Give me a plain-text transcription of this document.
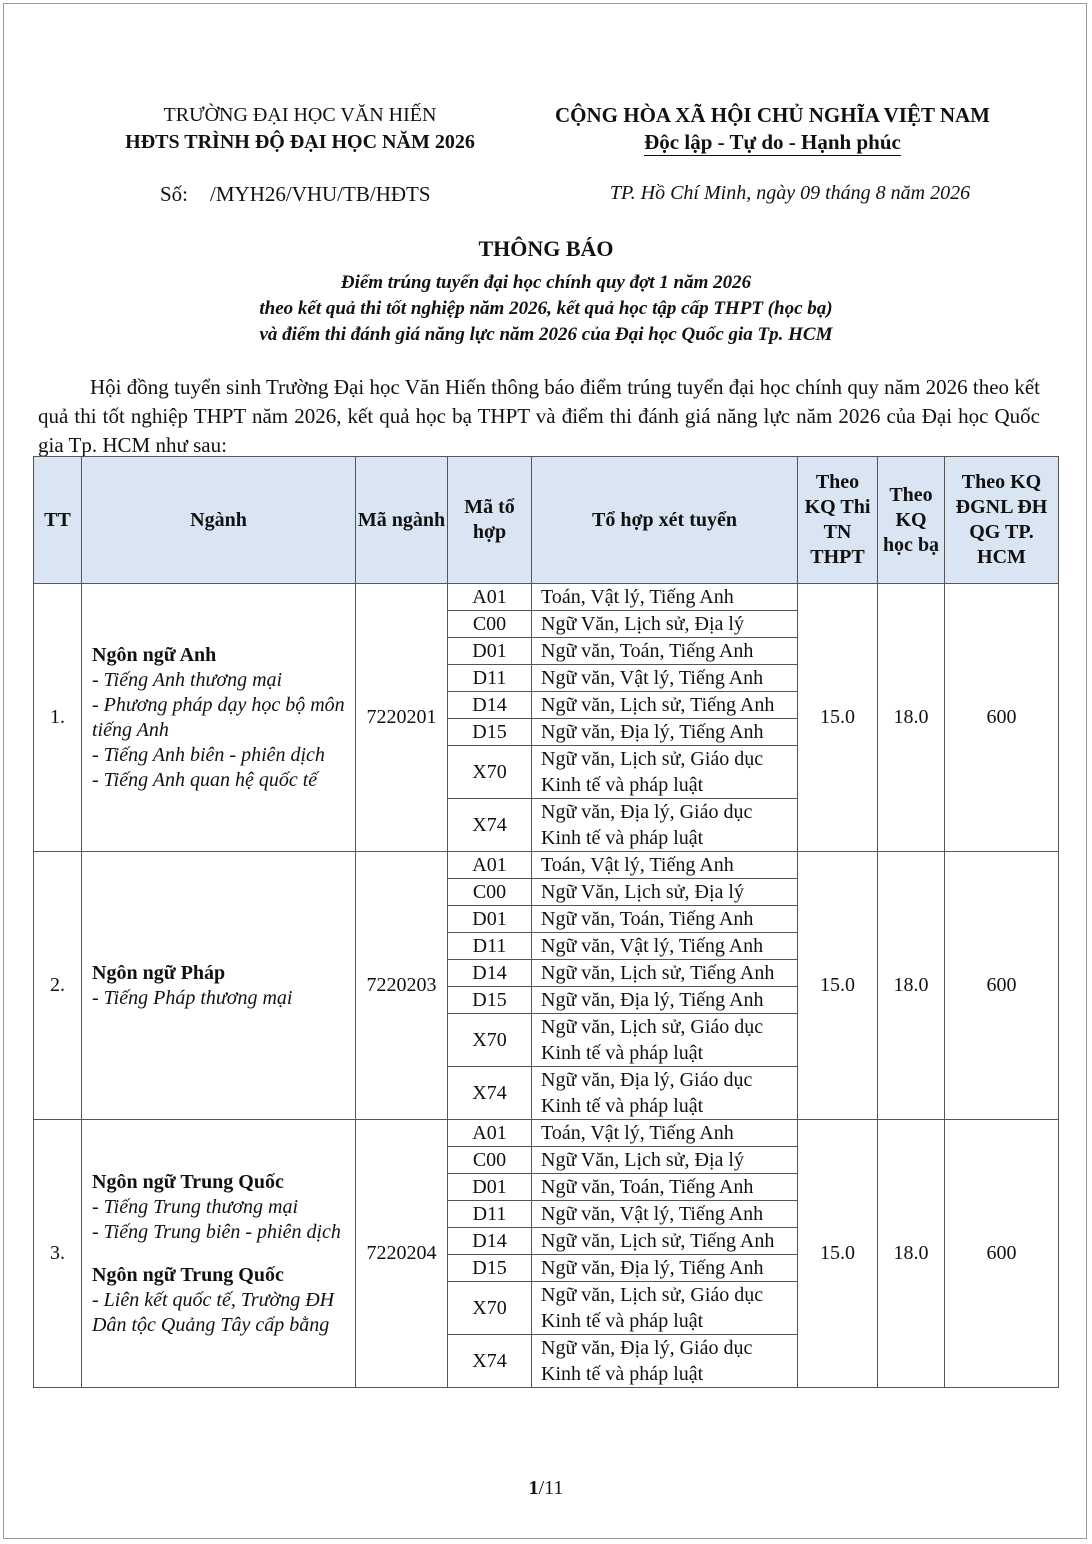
TRƯỜNG ĐẠI HỌC VĂN HIẾN
HĐTS TRÌNH ĐỘ ĐẠI HỌC NĂM 2026
CỘNG HÒA XÃ HỘI CHỦ NGHĨA VIỆT NAM
Độc lập - Tự do - Hạnh phúc
Số: /MYH26/VHU/TB/HĐTS	TP. Hồ Chí Minh, ngày 09 tháng 8 năm 2026
THÔNG BÁO
Điểm trúng tuyển đại học chính quy đợt 1 năm 2026
theo kết quả thi tốt nghiệp năm 2026, kết quả học tập cấp THPT (học bạ)
và điểm thi đánh giá năng lực năm 2026 của Đại học Quốc gia Tp. HCM
Hội đồng tuyển sinh Trường Đại học Văn Hiến thông báo điểm trúng tuyển đại học chính quy năm 2026 theo kết quả thi tốt nghiệp THPT năm 2026, kết quả học bạ THPT và điểm thi đánh giá năng lực năm 2026 của Đại học Quốc gia Tp. HCM như sau:
TT	Ngành	Mã ngành	Mã tổ hợp	Tổ hợp xét tuyển	Theo KQ Thi TN THPT	Theo KQ học bạ	Theo KQ ĐGNL ĐH QG TP. HCM
1.	Ngôn ngữ Anh
- Tiếng Anh thương mại
- Phương pháp dạy học bộ môn tiếng Anh
- Tiếng Anh biên - phiên dịch
- Tiếng Anh quan hệ quốc tế	7220201	A01	Toán, Vật lý, Tiếng Anh	15.0	18.0	600
			C00	Ngữ Văn, Lịch sử, Địa lý			
			D01	Ngữ văn, Toán, Tiếng Anh			
			D11	Ngữ văn, Vật lý, Tiếng Anh			
			D14	Ngữ văn, Lịch sử, Tiếng Anh			
			D15	Ngữ văn, Địa lý, Tiếng Anh			
			X70	Ngữ văn, Lịch sử, Giáo dục Kinh tế và pháp luật			
			X74	Ngữ văn, Địa lý, Giáo dục Kinh tế và pháp luật			
2.	Ngôn ngữ Pháp
- Tiếng Pháp thương mại	7220203	A01	Toán, Vật lý, Tiếng Anh	15.0	18.0	600
			C00	Ngữ Văn, Lịch sử, Địa lý			
			D01	Ngữ văn, Toán, Tiếng Anh			
			D11	Ngữ văn, Vật lý, Tiếng Anh			
			D14	Ngữ văn, Lịch sử, Tiếng Anh			
			D15	Ngữ văn, Địa lý, Tiếng Anh			
			X70	Ngữ văn, Lịch sử, Giáo dục Kinh tế và pháp luật			
			X74	Ngữ văn, Địa lý, Giáo dục Kinh tế và pháp luật			
3.	Ngôn ngữ Trung Quốc
- Tiếng Trung thương mại
- Tiếng Trung biên - phiên dịch
Ngôn ngữ Trung Quốc
- Liên kết quốc tế, Trường ĐH Dân tộc Quảng Tây cấp bằng	7220204	A01	Toán, Vật lý, Tiếng Anh	15.0	18.0	600
			C00	Ngữ Văn, Lịch sử, Địa lý			
			D01	Ngữ văn, Toán, Tiếng Anh			
			D11	Ngữ văn, Vật lý, Tiếng Anh			
			D14	Ngữ văn, Lịch sử, Tiếng Anh			
			D15	Ngữ văn, Địa lý, Tiếng Anh			
			X70	Ngữ văn, Lịch sử, Giáo dục Kinh tế và pháp luật			
			X74	Ngữ văn, Địa lý, Giáo dục Kinh tế và pháp luật			
1/11
